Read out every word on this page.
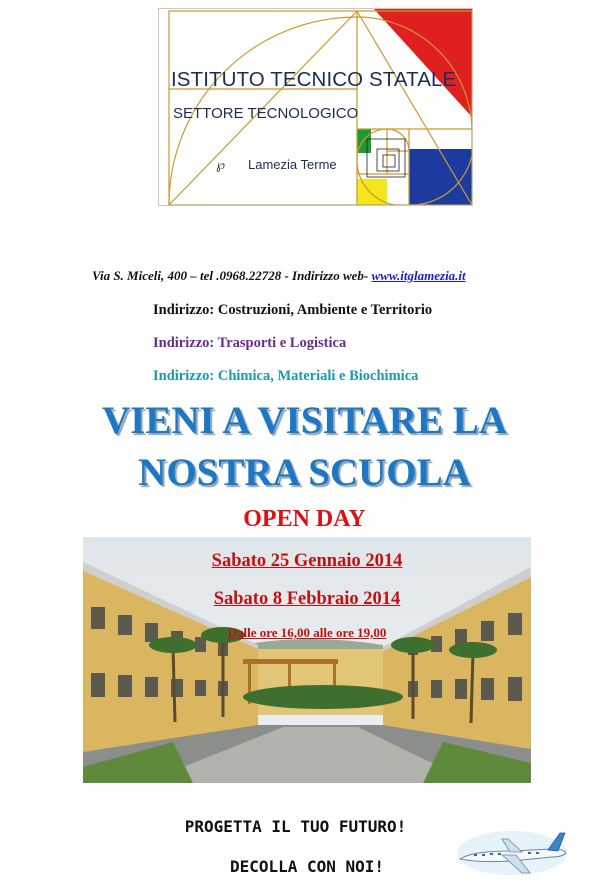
℘
ISTITUTO TECNICO STATALE
SETTORE TECNOLOGICO
Lamezia Terme
Via S. Miceli, 400 – tel .0968.22728 - Indirizzo web- www.itglamezia.it
Indirizzo: Costruzioni, Ambiente e Territorio
Indirizzo: Trasporti e Logistica
Indirizzo: Chimica, Materiali e Biochimica
VIENI A VISITARE LA
NOSTRA SCUOLA
OPEN DAY
Sabato 25 Gennaio 2014
Sabato 8 Febbraio 2014
Dalle ore 16,00 alle ore 19,00
PROGETTA IL TUO FUTURO!
DECOLLA CON NOI!
